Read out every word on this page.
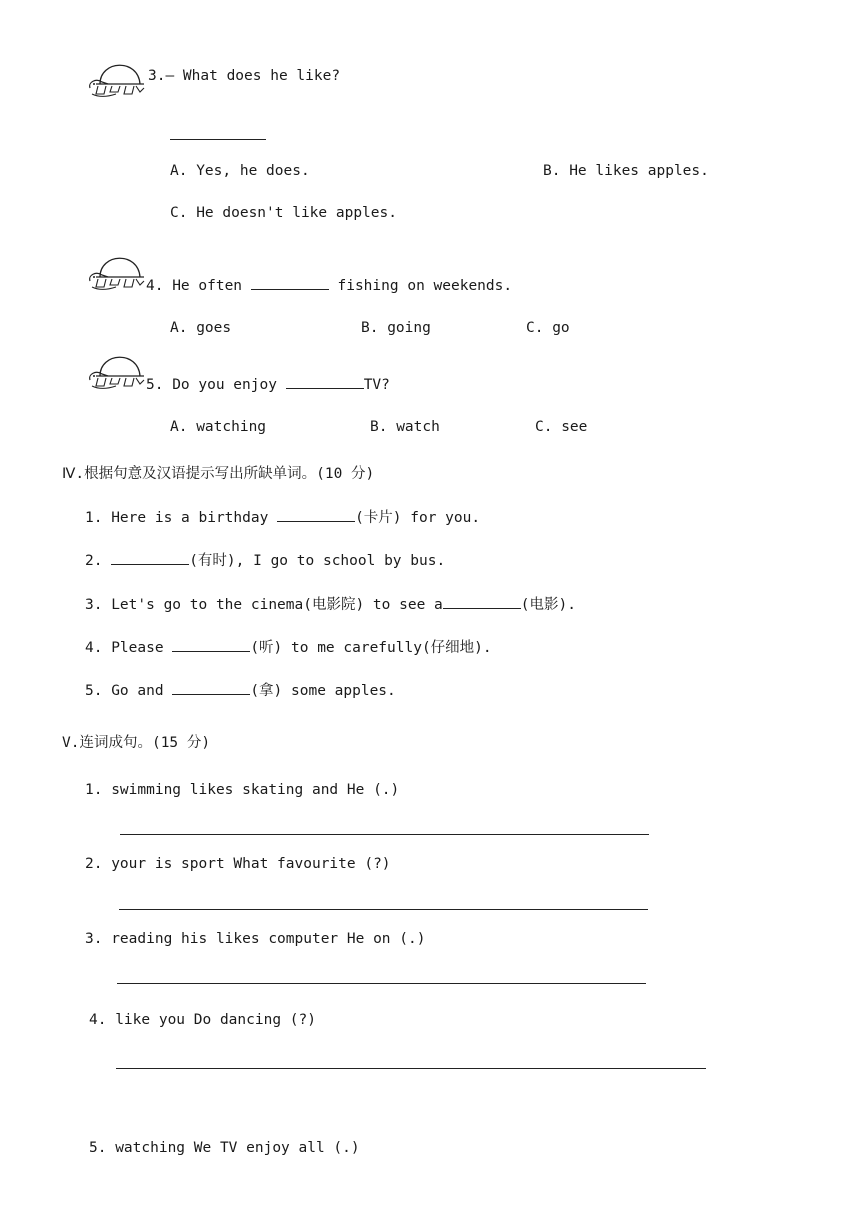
3.— What does he like?
A. Yes, he does.	B. He likes apples.
C. He doesn't like apples.
4. He often	fishing on weekends.
A. goes	B. going	C. go
5. Do you enjoy	TV?
A. watching	B. watch	C. see
Ⅳ.根据句意及汉语提示写出所缺单词。(10 分)
1. Here is a birthday	(卡片) for you.
2.	(有时), I go to school by bus.
3. Let's go to the cinema(电影院) to see a	(电影).
4. Please	(听) to me carefully(仔细地).
5. Go and	(拿) some apples.
V.连词成句。(15 分)
1. swimming likes skating and He (.)
2. your is sport What favourite (?)
3. reading his likes computer He on (.)
4. like you Do dancing (?)
5. watching We TV enjoy all (.)
